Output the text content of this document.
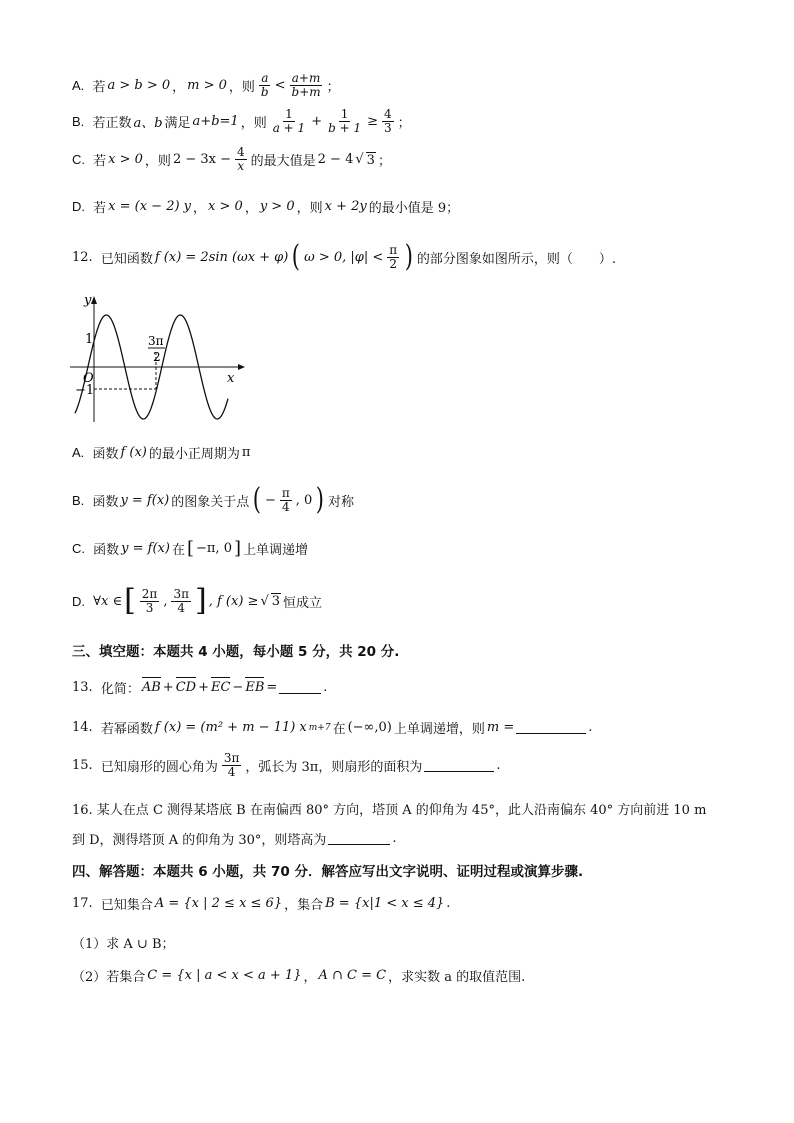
A.
若 a > b > 0 ， m > 0 ，则 $\frac{a}{b} < \frac{a+m}{b+m}$ ；
B.
若正数 a、b 满足 a+b=1 ，则 $\frac{1}{a + 1} + \frac{1}{b + 1} \ge \frac{4}{3}$ ；
C.
若 x > 0 ，则 $2 - 3x - \frac{4}{x}$ 的最大值是 2 − 4 √ 3 ；
D.
若 x = (x − 2) y ， x > 0 ， y > 0 ，则 x + 2y 的最小值是 9；
12.
已知函数 f (x) = 2sin (ωx + φ) ( ω > 0, $|\varphi| < \frac{\pi}{2}$ ) 的部分图象如图所示，则（　　）.
y
x
O
1
−1
3π
2
A.
函数 f (x) 的最小正周期为 π
B.
函数 y = f(x) 的图象关于点 ( − $\frac{\pi}{4}$ , 0 ) 对称
C.
函数 y = f(x) 在 [ −π, 0 ] 上单调递增
D.
∀x ∈ [ $\frac{2\pi}{3}$ , $\frac{3\pi}{4}$ ] , f (x) ≥ √ 3 恒成立
三、填空题：本题共 4 小题，每小题 5 分，共 20 分.
13.
化简： AB + CD + EC − EB =	.
14.
若幂函数 f (x) = (m² + m − 11) x m+7 在 (−∞,0) 上单调递增，则 m =	.
15.
已知扇形的圆心角为 $\frac{3\pi}{4}$ ，弧长为 3π，则扇形的面积为	.
16. 某人在点 C 测得某塔底 B 在南偏西 80° 方向，塔顶 A 的仰角为 45°，此人沿南偏东 40° 方向前进 10 m
到 D，测得塔顶 A 的仰角为 30°，则塔高为	.
四、解答题：本题共 6 小题，共 70 分．解答应写出文字说明、证明过程或演算步骤.
17.
已知集合 A = {x | 2 ≤ x ≤ 6} ，集合 B = {x|1 < x ≤ 4} .
（1）求 A ∪ B；
（2）若集合 C = {x | a < x < a + 1} ， A ∩ C = C ，求实数 a 的取值范围.
